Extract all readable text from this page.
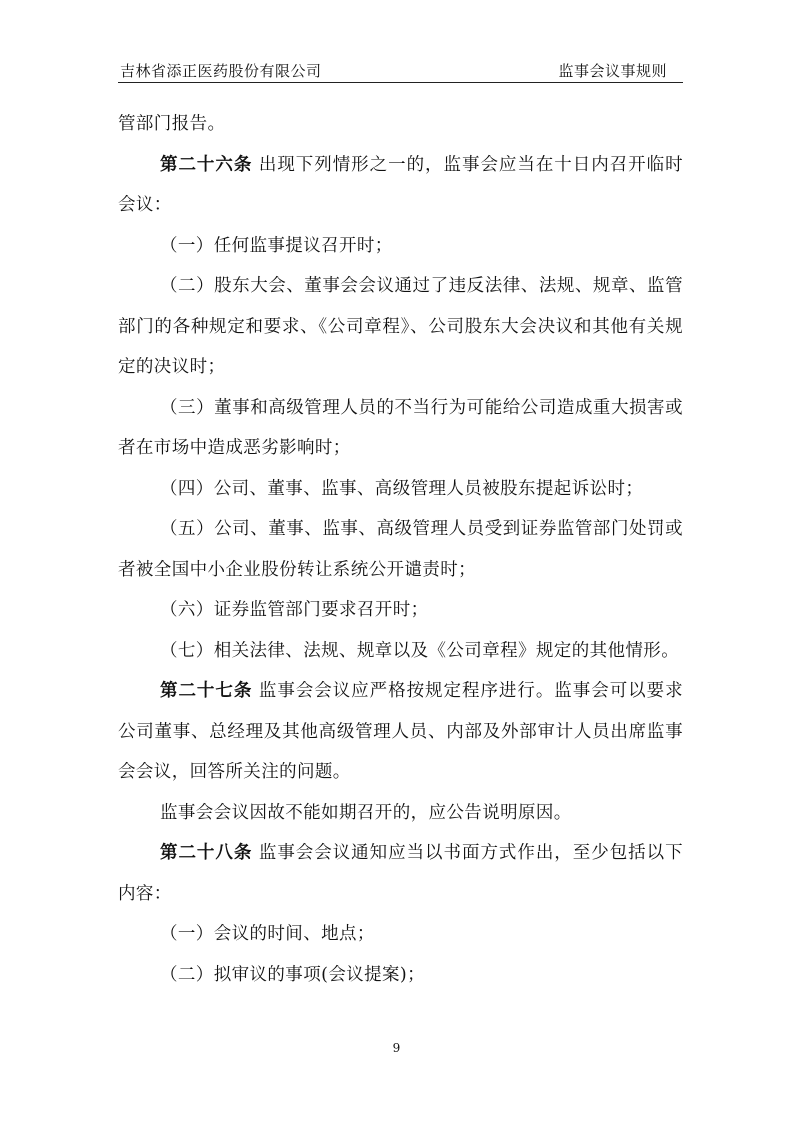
吉林省添正医药股份有限公司	监事会议事规则

管部门报告。

第二十六条 出现下列情形之一的，监事会应当在十日内召开临时会议：

（一）任何监事提议召开时；

（二）股东大会、董事会会议通过了违反法律、法规、规章、监管部门的各种规定和要求、《公司章程》、公司股东大会决议和其他有关规定的决议时；

（三）董事和高级管理人员的不当行为可能给公司造成重大损害或者在市场中造成恶劣影响时；

（四）公司、董事、监事、高级管理人员被股东提起诉讼时；

（五）公司、董事、监事、高级管理人员受到证券监管部门处罚或者被全国中小企业股份转让系统公开谴责时；

（六）证券监管部门要求召开时；

（七）相关法律、法规、规章以及《公司章程》规定的其他情形。

第二十七条 监事会会议应严格按规定程序进行。监事会可以要求公司董事、总经理及其他高级管理人员、内部及外部审计人员出席监事会会议，回答所关注的问题。

监事会会议因故不能如期召开的，应公告说明原因。

第二十八条 监事会会议通知应当以书面方式作出，至少包括以下内容：

（一）会议的时间、地点；

（二）拟审议的事项(会议提案)；

9
